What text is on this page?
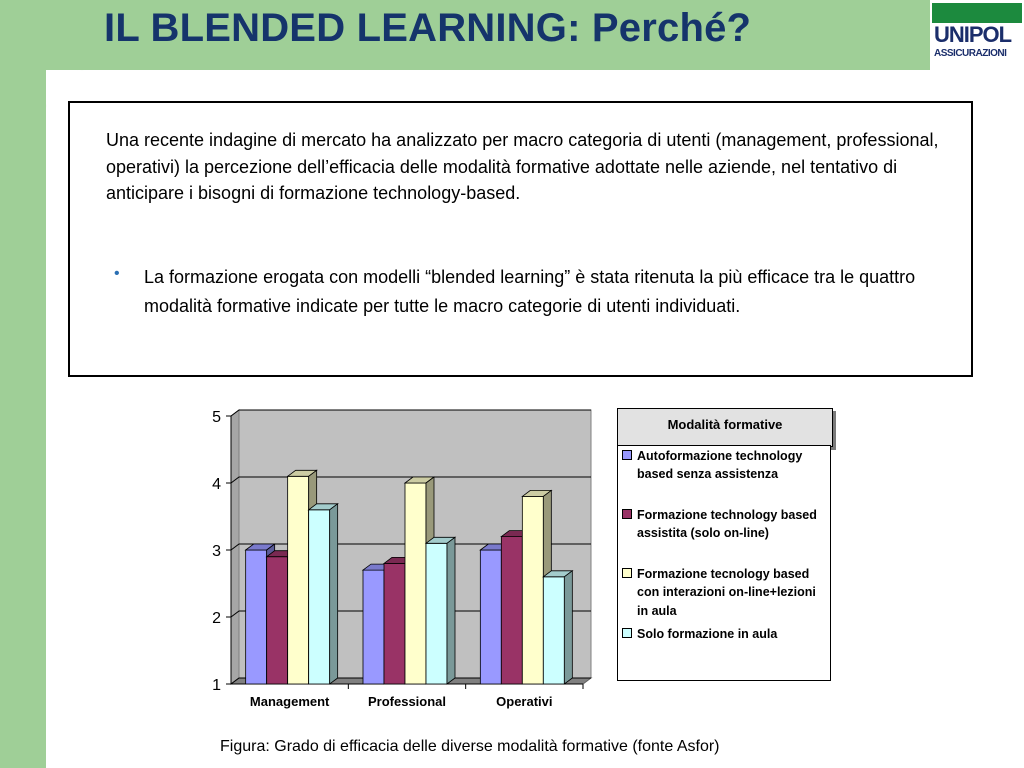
IL BLENDED LEARNING: Perché?	UNIPOL
ASSICURAZIONI

Una recente indagine di mercato ha analizzato per macro categoria di utenti (management, professional, operativi) la percezione dell’efficacia delle modalità formative adottate nelle aziende, nel tentativo di anticipare i bisogni di formazione technology-based.

• La formazione erogata con modelli “blended learning” è stata ritenuta la più efficace tra le quattro modalità formative indicate per tutte le macro categorie di utenti individuati.

1
2
3
4
5
Management	Professional	Operativi
Modalità formative
Autoformazione technology based senza assistenza
Formazione technology based assistita (solo on-line)
Formazione tecnology based con interazioni on-line+lezioni in aula
Solo formazione in aula
Figura: Grado di efficacia delle diverse modalità formative (fonte Asfor)
